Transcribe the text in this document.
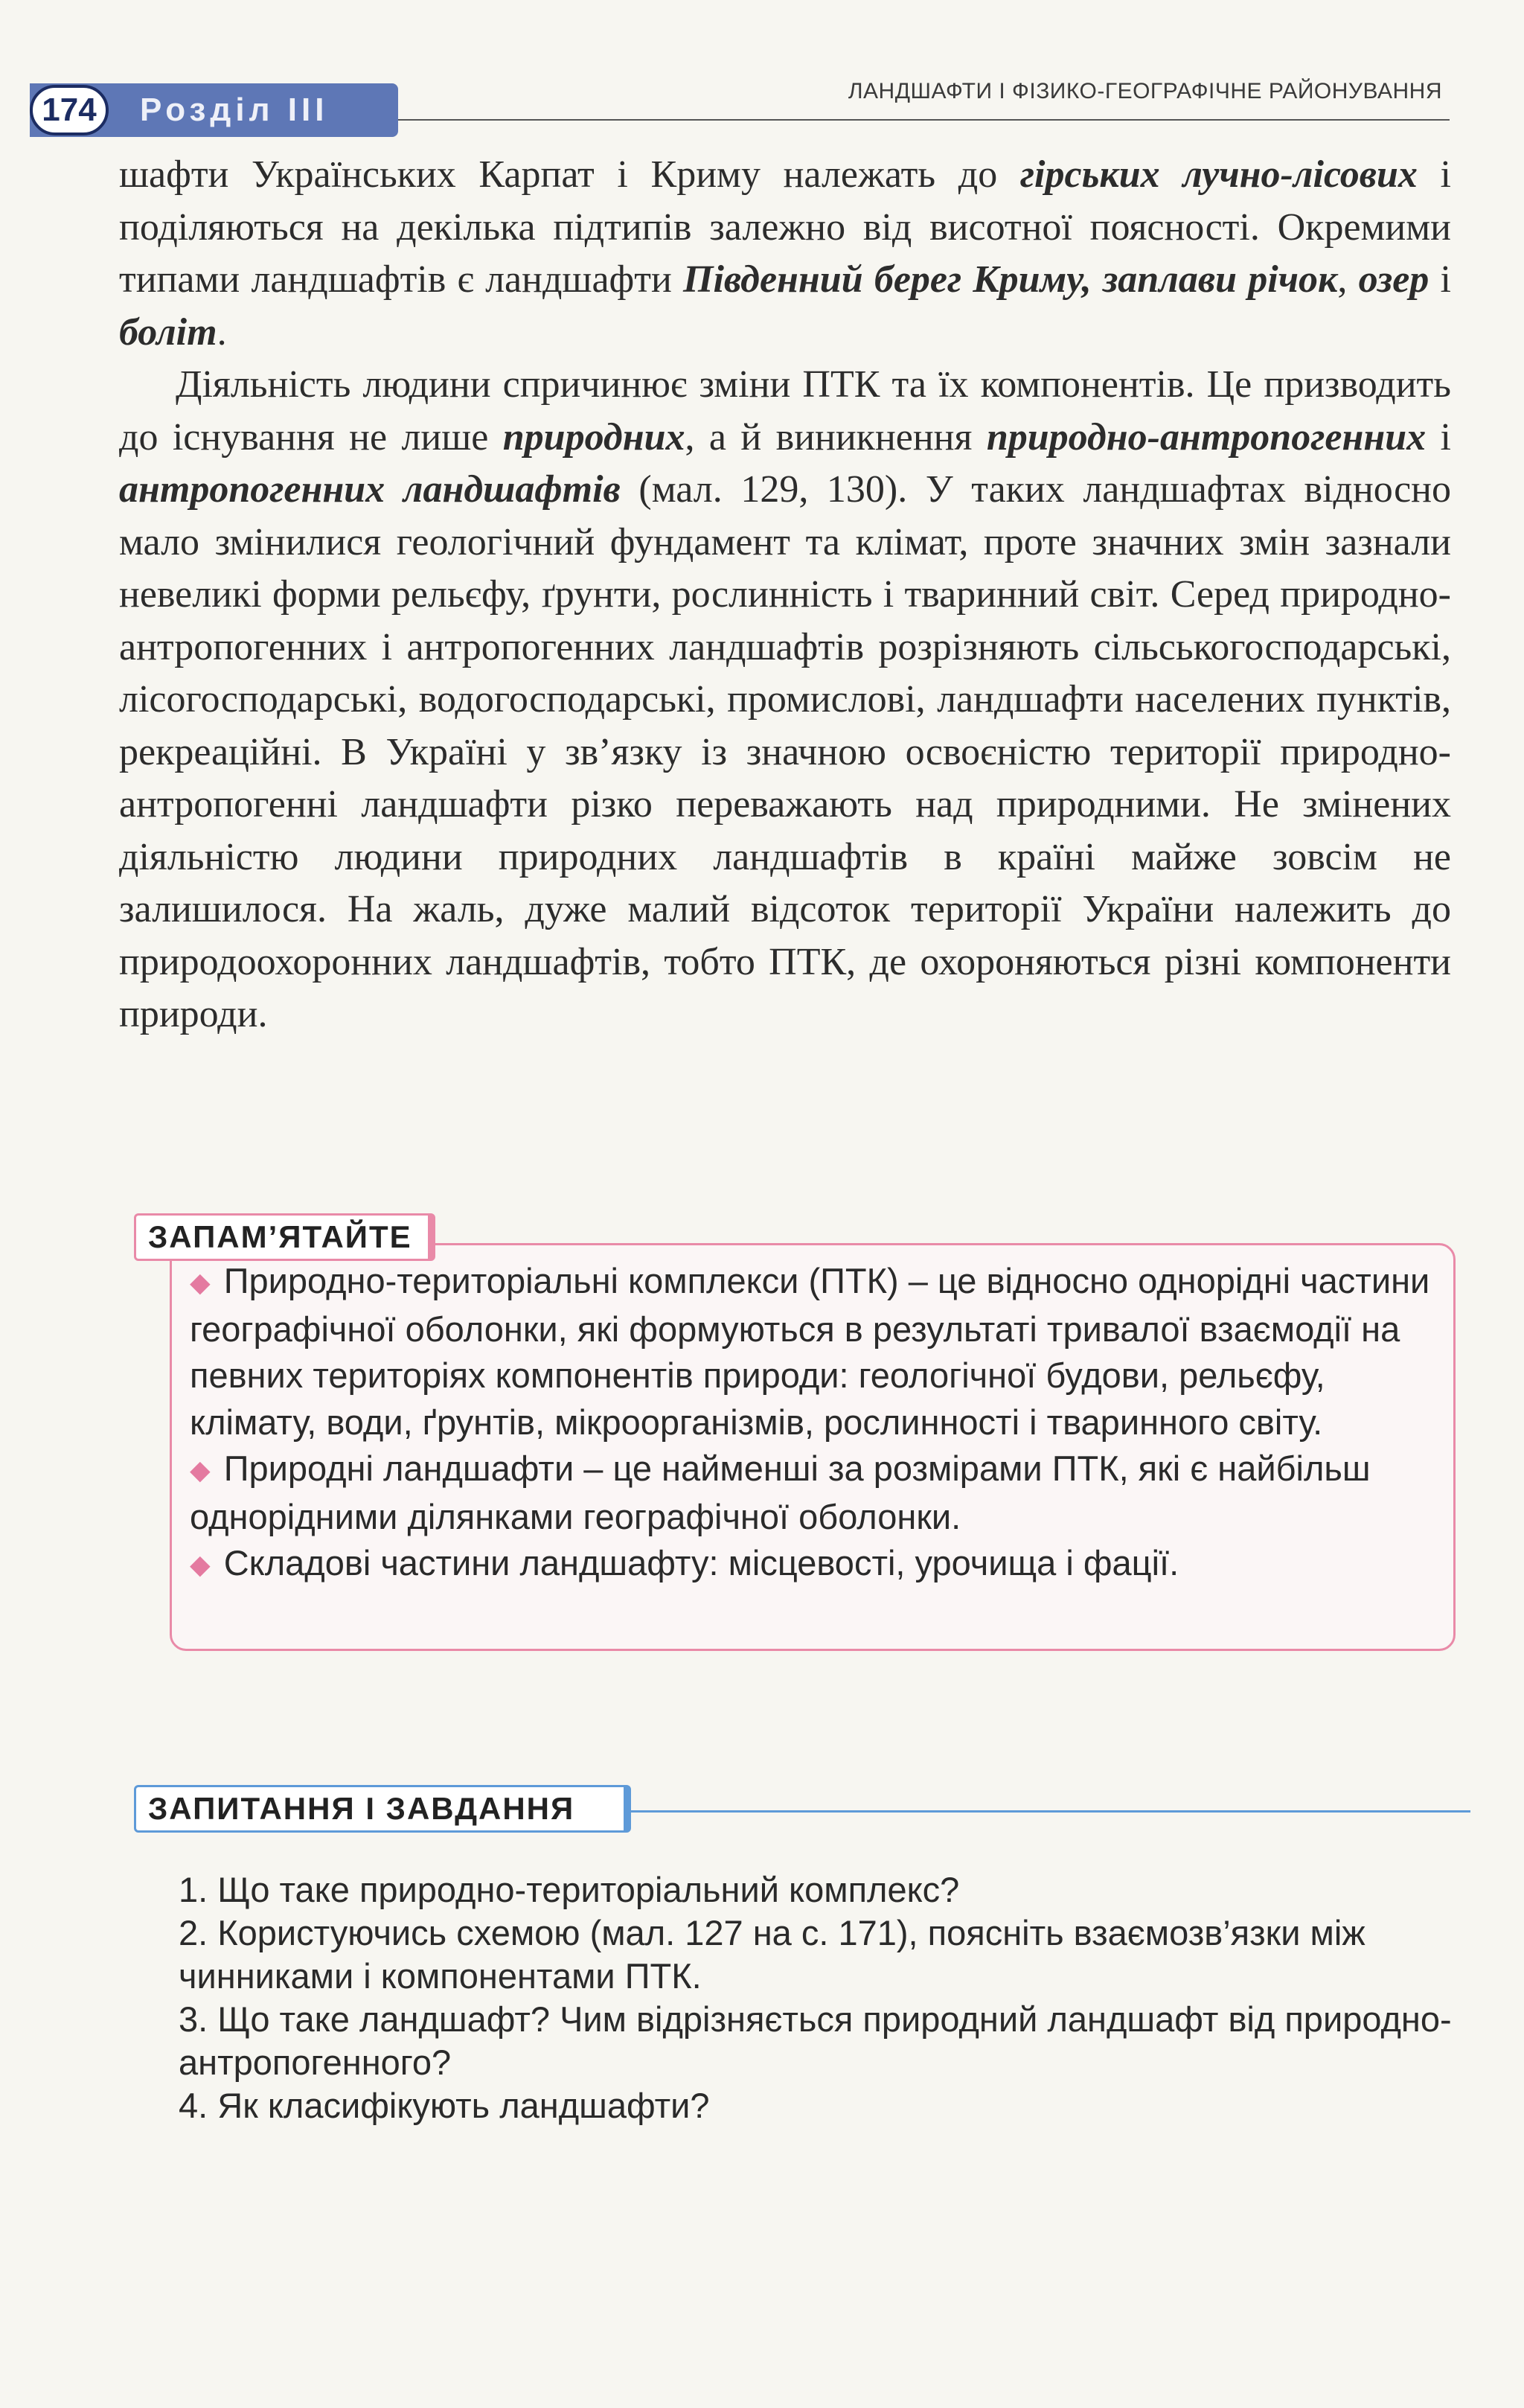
174	Розділ III
ЛАНДШАФТИ І ФІЗИКО-ГЕОГРАФІЧНЕ РАЙОНУВАННЯ

шафти Українських Карпат і Криму належать до гірських лучно-лісових і поділяються на декілька підтипів залежно від висотної поясності. Окремими типами ландшафтів є ландшафти Південний берег Криму, заплави річок, озер і боліт.

Діяльність людини спричинює зміни ПТК та їх компонентів. Це призводить до існування не лише природних, а й виникнення природно-антропогенних і антропогенних ландшафтів (мал. 129, 130). У таких ландшафтах відносно мало змінилися геологічний фундамент та клімат, проте значних змін зазнали невеликі форми рельєфу, ґрунти, рослинність і тваринний світ. Серед природно-антропогенних і антропогенних ландшафтів розрізняють сільськогосподарські, лісогосподарські, водогосподарські, промислові, ландшафти населених пунктів, рекреаційні. В Україні у зв’язку із значною освоєністю території природно-антропогенні ландшафти різко переважають над природними. Не змінених діяльністю людини природних ландшафтів в країні майже зовсім не залишилося. На жаль, дуже малий відсоток території України належить до природоохоронних ландшафтів, тобто ПТК, де охороняються різні компоненти природи.

ЗАПАМ’ЯТАЙТЕ

◆ Природно-територіальні комплекси (ПТК) – це відносно однорідні частини географічної оболонки, які формуються в результаті тривалої взаємодії на певних територіях компонентів природи: геологічної будови, рельєфу, клімату, води, ґрунтів, мікроорганізмів, рослинності і тваринного світу.

◆ Природні ландшафти – це найменші за розмірами ПТК, які є найбільш однорідними ділянками географічної оболонки.

◆ Складові частини ландшафту: місцевості, урочища і фації.

ЗАПИТАННЯ І ЗАВДАННЯ

1. Що таке природно-територіальний комплекс?

2. Користуючись схемою (мал. 127 на с. 171), поясніть взаємозв’язки між чинниками і компонентами ПТК.

3. Що таке ландшафт? Чим відрізняється природний ландшафт від природно-антропогенного?

4. Як класифікують ландшафти?
